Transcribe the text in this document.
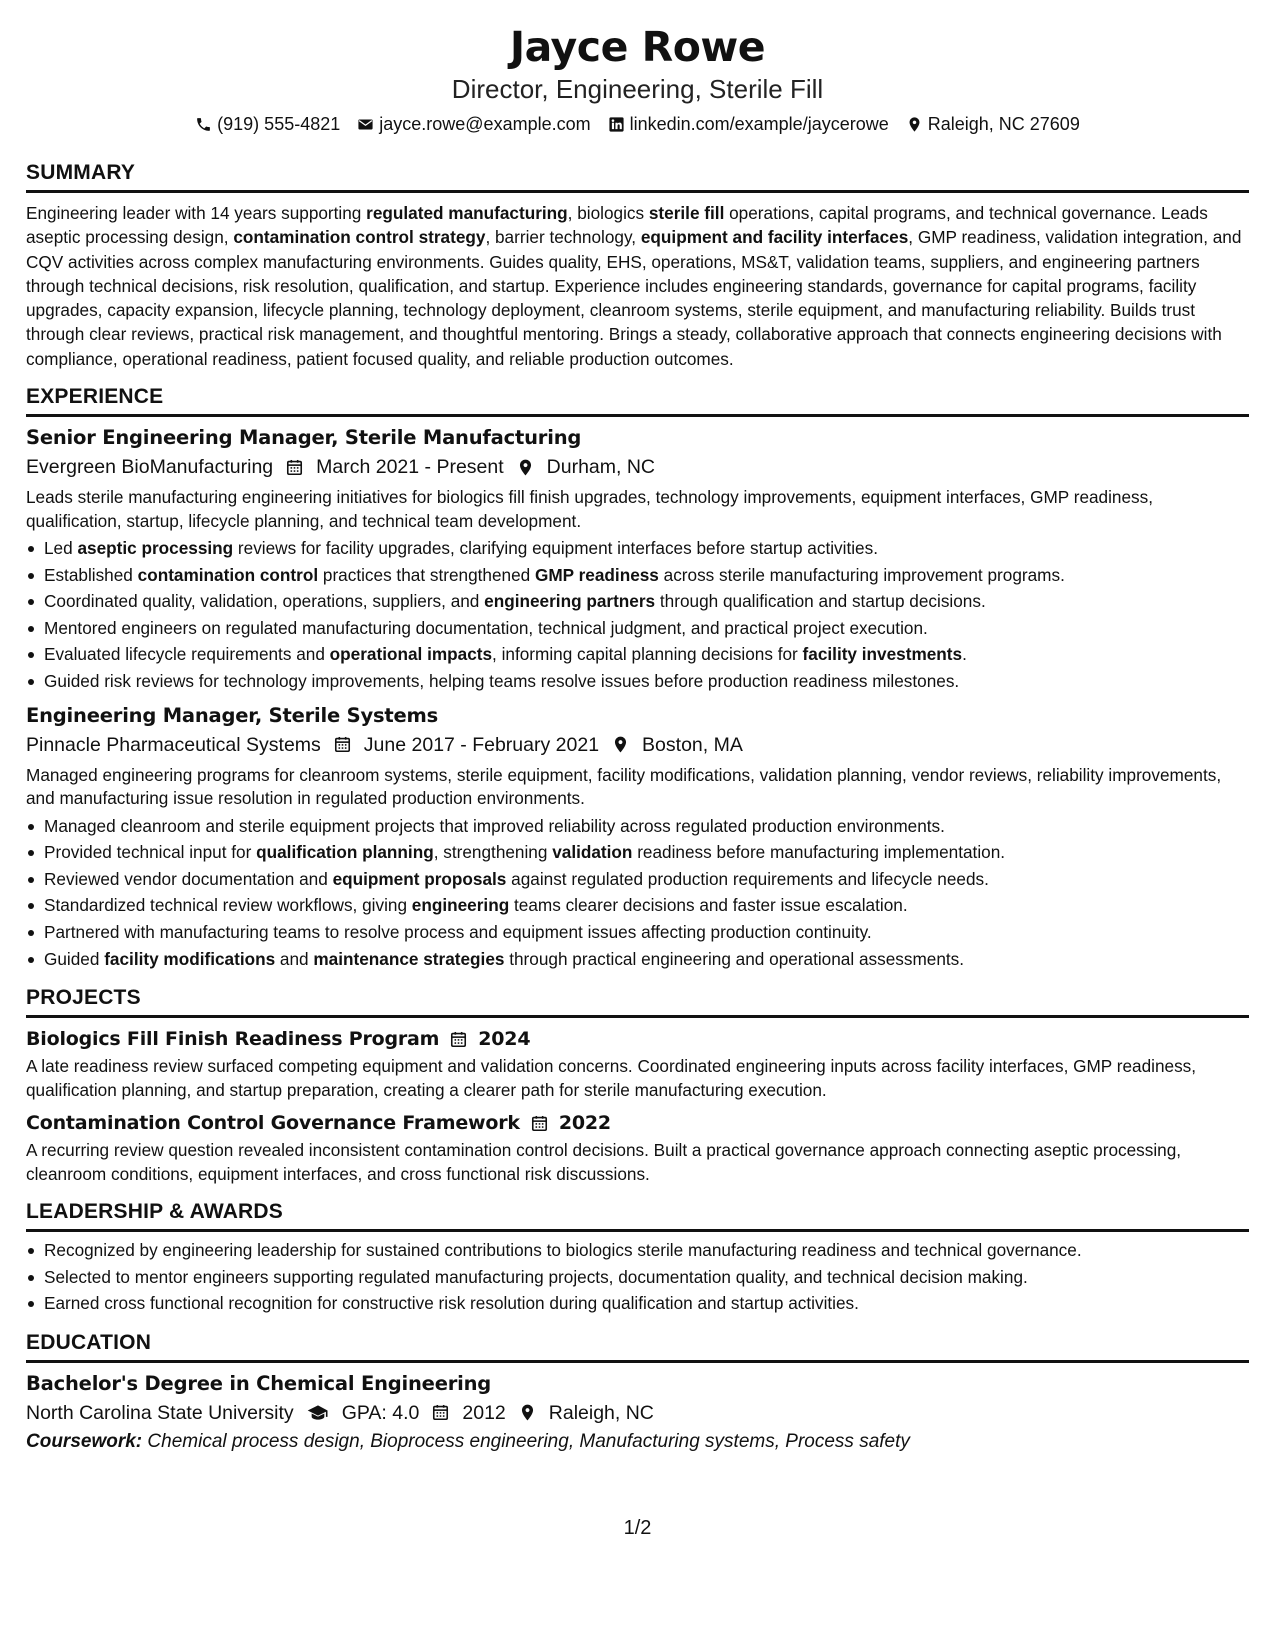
Jayce Rowe
Director, Engineering, Sterile Fill
(919) 555-4821 jayce.rowe@example.com linkedin.com/example/jaycerowe Raleigh, NC 27609
SUMMARY
Engineering leader with 14 years supporting regulated manufacturing, biologics sterile fill operations, capital programs, and technical governance. Leads aseptic processing design, contamination control strategy, barrier technology, equipment and facility interfaces, GMP readiness, validation integration, and CQV activities across complex manufacturing environments. Guides quality, EHS, operations, MS&T, validation teams, suppliers, and engineering partners through technical decisions, risk resolution, qualification, and startup. Experience includes engineering standards, governance for capital programs, facility upgrades, capacity expansion, lifecycle planning, technology deployment, cleanroom systems, sterile equipment, and manufacturing reliability. Builds trust through clear reviews, practical risk management, and thoughtful mentoring. Brings a steady, collaborative approach that connects engineering decisions with compliance, operational readiness, patient focused quality, and reliable production outcomes.
EXPERIENCE
Senior Engineering Manager, Sterile Manufacturing
Evergreen BioManufacturing March 2021 - Present Durham, NC
Leads sterile manufacturing engineering initiatives for biologics fill finish upgrades, technology improvements, equipment interfaces, GMP readiness, qualification, startup, lifecycle planning, and technical team development.
Led aseptic processing reviews for facility upgrades, clarifying equipment interfaces before startup activities.
Established contamination control practices that strengthened GMP readiness across sterile manufacturing improvement programs.
Coordinated quality, validation, operations, suppliers, and engineering partners through qualification and startup decisions.
Mentored engineers on regulated manufacturing documentation, technical judgment, and practical project execution.
Evaluated lifecycle requirements and operational impacts, informing capital planning decisions for facility investments.
Guided risk reviews for technology improvements, helping teams resolve issues before production readiness milestones.
Engineering Manager, Sterile Systems
Pinnacle Pharmaceutical Systems June 2017 - February 2021 Boston, MA
Managed engineering programs for cleanroom systems, sterile equipment, facility modifications, validation planning, vendor reviews, reliability improvements, and manufacturing issue resolution in regulated production environments.
Managed cleanroom and sterile equipment projects that improved reliability across regulated production environments.
Provided technical input for qualification planning, strengthening validation readiness before manufacturing implementation.
Reviewed vendor documentation and equipment proposals against regulated production requirements and lifecycle needs.
Standardized technical review workflows, giving engineering teams clearer decisions and faster issue escalation.
Partnered with manufacturing teams to resolve process and equipment issues affecting production continuity.
Guided facility modifications and maintenance strategies through practical engineering and operational assessments.
PROJECTS
Biologics Fill Finish Readiness Program 2024
A late readiness review surfaced competing equipment and validation concerns. Coordinated engineering inputs across facility interfaces, GMP readiness, qualification planning, and startup preparation, creating a clearer path for sterile manufacturing execution.
Contamination Control Governance Framework 2022
A recurring review question revealed inconsistent contamination control decisions. Built a practical governance approach connecting aseptic processing, cleanroom conditions, equipment interfaces, and cross functional risk discussions.
LEADERSHIP & AWARDS
Recognized by engineering leadership for sustained contributions to biologics sterile manufacturing readiness and technical governance.
Selected to mentor engineers supporting regulated manufacturing projects, documentation quality, and technical decision making.
Earned cross functional recognition for constructive risk resolution during qualification and startup activities.
EDUCATION
Bachelor's Degree in Chemical Engineering
North Carolina State University GPA: 4.0 2012 Raleigh, NC
Coursework: Chemical process design, Bioprocess engineering, Manufacturing systems, Process safety
1/2
